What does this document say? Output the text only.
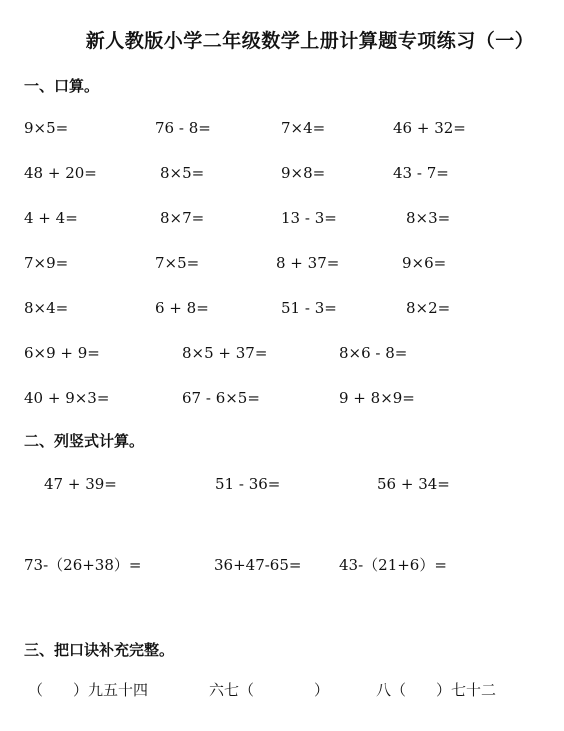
新人教版小学二年级数学上册计算题专项练习（一）
一、口算。
9×5=	76 - 8=	7×4=	46 + 32=
48 + 20=	8×5=	9×8=	43 - 7=
4 + 4=	8×7=	13 - 3=	8×3=
7×9=	7×5=	8 + 37=	9×6=
8×4=	6 + 8=	51 - 3=	8×2=
6×9 + 9=	8×5 + 37=	8×6 - 8=
40 + 9×3=	67 - 6×5=	9 + 8×9=
二、列竖式计算。
47 + 39=	51 - 36=	56 + 34=
73-（26+38）=	36+47-65=	43-（21+6）=
三、把口诀补充完整。
（　　）九五十四	六七（　　　　）	八（　　）七十二
